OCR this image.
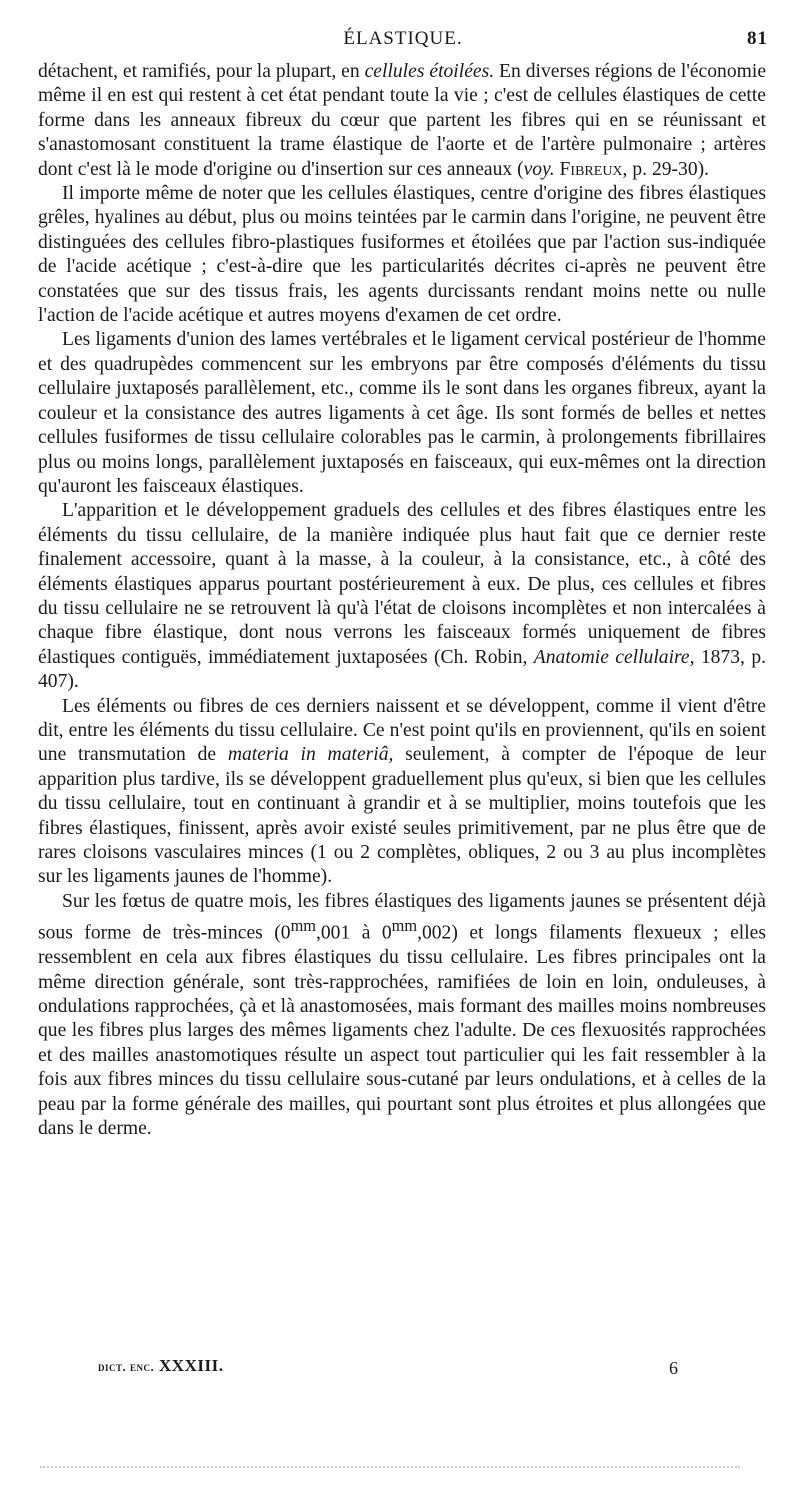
ÉLASTIQUE.	81

détachent, et ramifiés, pour la plupart, en cellules étoilées. En diverses régions de l'économie même il en est qui restent à cet état pendant toute la vie ; c'est de cellules élastiques de cette forme dans les anneaux fibreux du cœur que partent les fibres qui en se réunissant et s'anastomosant constituent la trame élastique de l'aorte et de l'artère pulmonaire ; artères dont c'est là le mode d'origine ou d'insertion sur ces anneaux (voy. Fibreux, p. 29-30).

Il importe même de noter que les cellules élastiques, centre d'origine des fibres élastiques grêles, hyalines au début, plus ou moins teintées par le carmin dans l'origine, ne peuvent être distinguées des cellules fibro-plastiques fusiformes et étoilées que par l'action sus-indiquée de l'acide acétique ; c'est-à-dire que les particularités décrites ci-après ne peuvent être constatées que sur des tissus frais, les agents durcissants rendant moins nette ou nulle l'action de l'acide acétique et autres moyens d'examen de cet ordre.

Les ligaments d'union des lames vertébrales et le ligament cervical postérieur de l'homme et des quadrupèdes commencent sur les embryons par être composés d'éléments du tissu cellulaire juxtaposés parallèlement, etc., comme ils le sont dans les organes fibreux, ayant la couleur et la consistance des autres ligaments à cet âge. Ils sont formés de belles et nettes cellules fusiformes de tissu cellulaire colorables pas le carmin, à prolongements fibrillaires plus ou moins longs, parallèlement juxtaposés en faisceaux, qui eux-mêmes ont la direction qu'auront les faisceaux élastiques.

L'apparition et le développement graduels des cellules et des fibres élastiques entre les éléments du tissu cellulaire, de la manière indiquée plus haut fait que ce dernier reste finalement accessoire, quant à la masse, à la couleur, à la consistance, etc., à côté des éléments élastiques apparus pourtant postérieurement à eux. De plus, ces cellules et fibres du tissu cellulaire ne se retrouvent là qu'à l'état de cloisons incomplètes et non intercalées à chaque fibre élastique, dont nous verrons les faisceaux formés uniquement de fibres élastiques contiguës, immédiatement juxtaposées (Ch. Robin, Anatomie cellulaire, 1873, p. 407).

Les éléments ou fibres de ces derniers naissent et se développent, comme il vient d'être dit, entre les éléments du tissu cellulaire. Ce n'est point qu'ils en proviennent, qu'ils en soient une transmutation de materia in materiâ, seulement, à compter de l'époque de leur apparition plus tardive, ils se développent graduellement plus qu'eux, si bien que les cellules du tissu cellulaire, tout en continuant à grandir et à se multiplier, moins toutefois que les fibres élastiques, finissent, après avoir existé seules primitivement, par ne plus être que de rares cloisons vasculaires minces (1 ou 2 complètes, obliques, 2 ou 3 au plus incomplètes sur les ligaments jaunes de l'homme).

Sur les fœtus de quatre mois, les fibres élastiques des ligaments jaunes se présentent déjà sous forme de très-minces ($0^{mm},001$ à $0^{mm},002$) et longs filaments flexueux ; elles ressemblent en cela aux fibres élastiques du tissu cellulaire. Les fibres principales ont la même direction générale, sont très-rapprochées, ramifiées de loin en loin, onduleuses, à ondulations rapprochées, çà et là anastomosées, mais formant des mailles moins nombreuses que les fibres plus larges des mêmes ligaments chez l'adulte. De ces flexuosités rapprochées et des mailles anastomotiques résulte un aspect tout particulier qui les fait ressembler à la fois aux fibres minces du tissu cellulaire sous-cutané par leurs ondulations, et à celles de la peau par la forme générale des mailles, qui pourtant sont plus étroites et plus allongées que dans le derme.

dict. enc. XXXIII.	6
